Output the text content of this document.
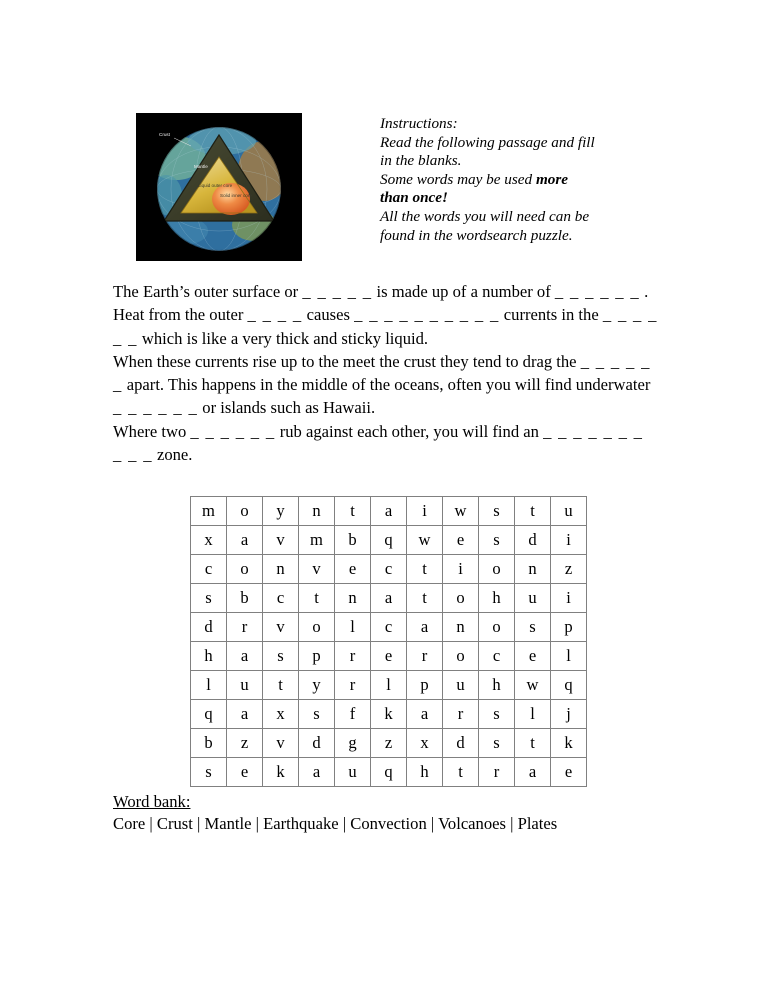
Crust
Mantle
Liquid outer core
Solid inner core
Instructions:
Read the following passage and fill
in the blanks.
Some words may be used more
than once!
All the words you will need can be
found in the wordsearch puzzle.

The Earth’s outer surface or _ _ _ _ _ is made up of a number of _ _ _ _ _ _ .

Heat from the outer _ _ _ _ causes _ _ _ _ _ _ _ _ _ _ currents in the _ _ _ _ _ _ which is like a very thick and sticky liquid.

When these currents rise up to the meet the crust they tend to drag the _ _ _ _ _ _ apart. This happens in the middle of the oceans, often you will find underwater _ _ _ _ _ _ or islands such as Hawaii.

Where two _ _ _ _ _ _ rub against each other, you will find an _ _ _ _ _ _ _ _ _ _ zone.

m	o	y	n	t	a	i	w	s	t	u
x	a	v	m	b	q	w	e	s	d	i
c	o	n	v	e	c	t	i	o	n	z
s	b	c	t	n	a	t	o	h	u	i
d	r	v	o	l	c	a	n	o	s	p
h	a	s	p	r	e	r	o	c	e	l
l	u	t	y	r	l	p	u	h	w	q
q	a	x	s	f	k	a	r	s	l	j
b	z	v	d	g	z	x	d	s	t	k
s	e	k	a	u	q	h	t	r	a	e
Word bank:
Core | Crust | Mantle | Earthquake | Convection | Volcanoes | Plates
